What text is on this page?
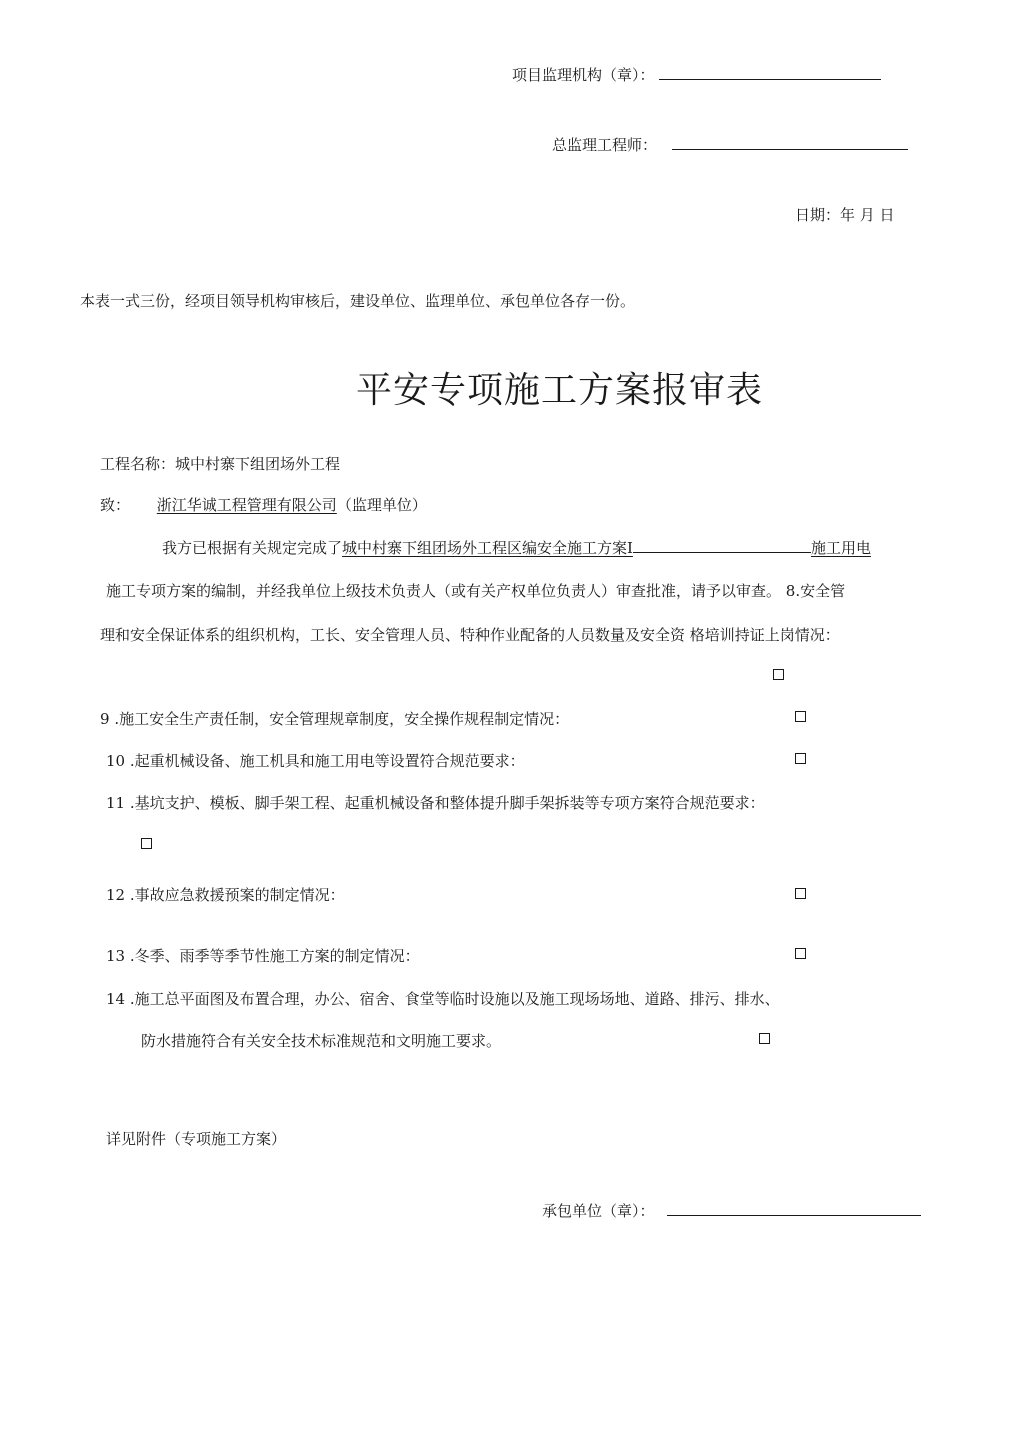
项目监理机构（章）：
总监理工程师：
日期：年 月 日
本表一式三份，经项目领导机构审核后，建设单位、监理单位、承包单位各存一份。
平安专项施工方案报审表
工程名称：城中村寨下组团场外工程
致： 浙江华诚工程管理有限公司（监理单位）
我方已根据有关规定完成了城中村寨下组团场外工程区编安全施工方案I	施工用电
施工专项方案的编制，并经我单位上级技术负责人（或有关产权单位负责人）审查批准，请予以审查。 8.安全管
理和安全保证体系的组织机构，工长、安全管理人员、特种作业配备的人员数量及安全资 格培训持证上岗情况：
9 .施工安全生产责任制，安全管理规章制度，安全操作规程制定情况：
10 .起重机械设备、施工机具和施工用电等设置符合规范要求：
11 .基坑支护、模板、脚手架工程、起重机械设备和整体提升脚手架拆装等专项方案符合规范要求：
12 .事故应急救援预案的制定情况：
13 .冬季、雨季等季节性施工方案的制定情况：
14 .施工总平面图及布置合理，办公、宿舍、食堂等临时设施以及施工现场场地、道路、排污、排水、
防水措施符合有关安全技术标准规范和文明施工要求。
详见附件（专项施工方案）
承包单位（章）：
